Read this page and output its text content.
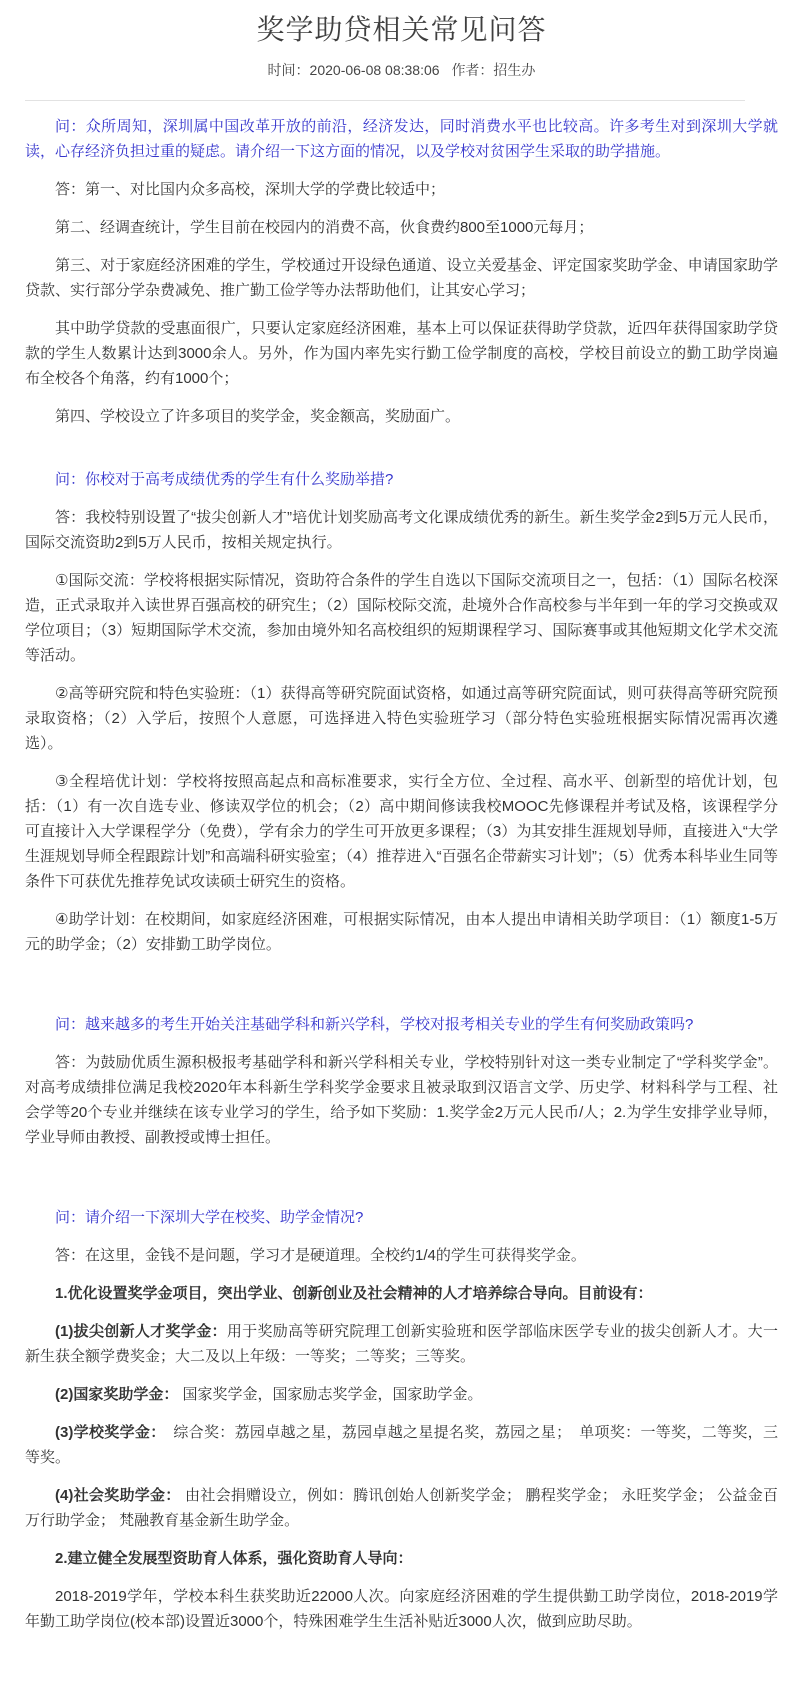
奖学助贷相关常见问答
时间：2020-06-08 08:38:06 作者：招生办

问：众所周知，深圳属中国改革开放的前沿，经济发达，同时消费水平也比较高。许多考生对到深圳大学就读，心存经济负担过重的疑虑。请介绍一下这方面的情况，以及学校对贫困学生采取的助学措施。

答：第一、对比国内众多高校，深圳大学的学费比较适中；

第二、经调查统计，学生目前在校园内的消费不高，伙食费约800至1000元每月；

第三、对于家庭经济困难的学生，学校通过开设绿色通道、设立关爱基金、评定国家奖助学金、申请国家助学贷款、实行部分学杂费减免、推广勤工俭学等办法帮助他们，让其安心学习；

其中助学贷款的受惠面很广，只要认定家庭经济困难，基本上可以保证获得助学贷款，近四年获得国家助学贷款的学生人数累计达到3000余人。另外，作为国内率先实行勤工俭学制度的高校，学校目前设立的勤工助学岗遍布全校各个角落，约有1000个；

第四、学校设立了许多项目的奖学金，奖金额高，奖励面广。

问：你校对于高考成绩优秀的学生有什么奖励举措?

答：我校特别设置了“拔尖创新人才”培优计划奖励高考文化课成绩优秀的新生。新生奖学金2到5万元人民币，国际交流资助2到5万人民币，按相关规定执行。

①国际交流：学校将根据实际情况，资助符合条件的学生自选以下国际交流项目之一，包括：（1）国际名校深造，正式录取并入读世界百强高校的研究生；（2）国际校际交流，赴境外合作高校参与半年到一年的学习交换或双学位项目；（3）短期国际学术交流，参加由境外知名高校组织的短期课程学习、国际赛事或其他短期文化学术交流等活动。

②高等研究院和特色实验班：（1）获得高等研究院面试资格，如通过高等研究院面试，则可获得高等研究院预录取资格；（2）入学后，按照个人意愿，可选择进入特色实验班学习（部分特色实验班根据实际情况需再次遴选）。

③全程培优计划：学校将按照高起点和高标准要求，实行全方位、全过程、高水平、创新型的培优计划，包括：（1）有一次自选专业、修读双学位的机会；（2）高中期间修读我校MOOC先修课程并考试及格，该课程学分可直接计入大学课程学分（免费），学有余力的学生可开放更多课程；（3）为其安排生涯规划导师，直接进入“大学生涯规划导师全程跟踪计划”和高端科研实验室；（4）推荐进入“百强名企带薪实习计划”；（5）优秀本科毕业生同等条件下可获优先推荐免试攻读硕士研究生的资格。

④助学计划：在校期间，如家庭经济困难，可根据实际情况，由本人提出申请相关助学项目：（1）额度1-5万元的助学金；（2）安排勤工助学岗位。

问：越来越多的考生开始关注基础学科和新兴学科，学校对报考相关专业的学生有何奖励政策吗?

答：为鼓励优质生源积极报考基础学科和新兴学科相关专业，学校特别针对这一类专业制定了“学科奖学金”。对高考成绩排位满足我校2020年本科新生学科奖学金要求且被录取到汉语言文学、历史学、材料科学与工程、社会学等20个专业并继续在该专业学习的学生，给予如下奖励：1.奖学金2万元人民币/人；2.为学生安排学业导师，学业导师由教授、副教授或博士担任。

问：请介绍一下深圳大学在校奖、助学金情况?

答：在这里，金钱不是问题，学习才是硬道理。全校约1/4的学生可获得奖学金。

1.优化设置奖学金项目，突出学业、创新创业及社会精神的人才培养综合导向。目前设有：

(1)拔尖创新人才奖学金：用于奖励高等研究院理工创新实验班和医学部临床医学专业的拔尖创新人才。大一新生获全额学费奖金；大二及以上年级：一等奖；二等奖；三等奖。

(2)国家奖助学金： 国家奖学金，国家励志奖学金，国家助学金。

(3)学校奖学金：　综合奖：荔园卓越之星，荔园卓越之星提名奖，荔园之星；　单项奖：一等奖，二等奖，三等奖。

(4)社会奖助学金： 由社会捐赠设立，例如：腾讯创始人创新奖学金； 鹏程奖学金； 永旺奖学金； 公益金百万行助学金； 梵融教育基金新生助学金。

2.建立健全发展型资助育人体系，强化资助育人导向：

2018-2019学年，学校本科生获奖助近22000人次。向家庭经济困难的学生提供勤工助学岗位，2018-2019学年勤工助学岗位(校本部)设置近3000个，特殊困难学生生活补贴近3000人次，做到应助尽助。
